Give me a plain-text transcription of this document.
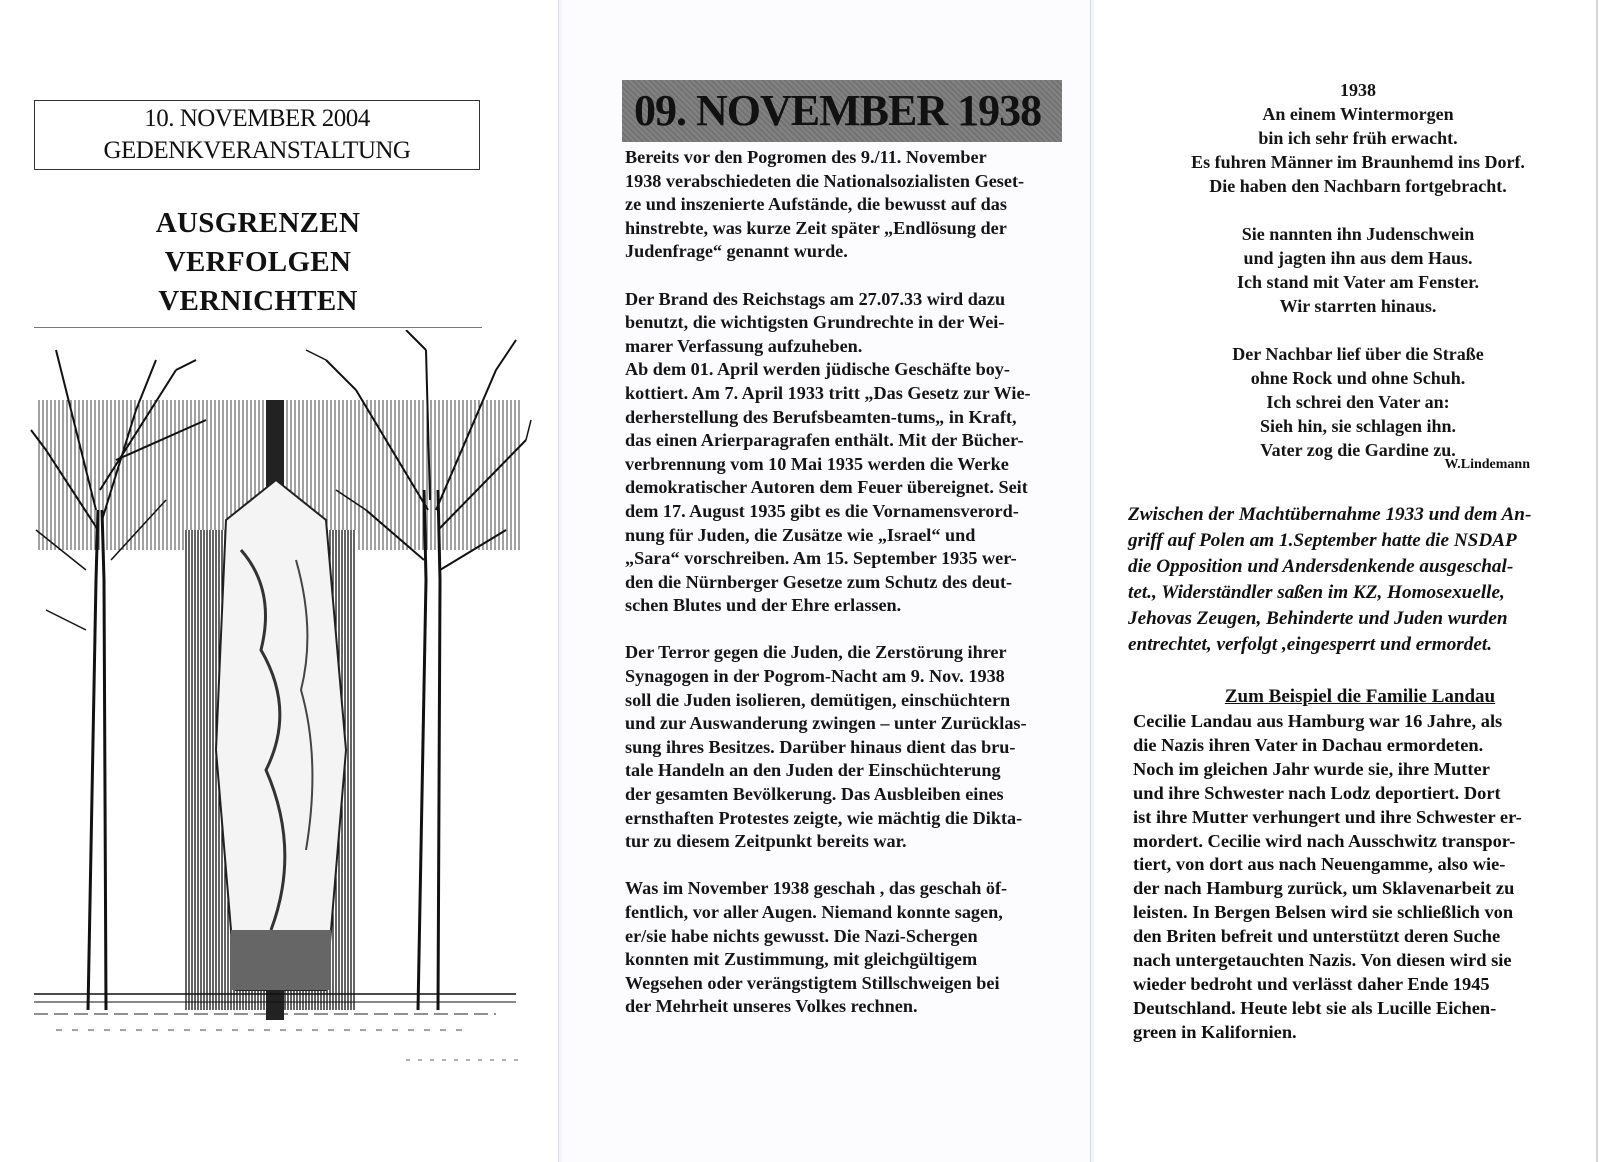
10. NOVEMBER 2004
GEDENKVERANSTALTUNG
AUSGRENZEN
VERFOLGEN
VERNICHTEN
09. NOVEMBER 1938

Bereits vor den Pogromen des 9./11. November
1938 verabschiedeten die Nationalsozialisten Geset-
ze und inszenierte Aufstände, die bewusst auf das
hinstrebte, was kurze Zeit später „Endlösung der
Judenfrage“ genannt wurde.

Der Brand des Reichstags am 27.07.33 wird dazu
benutzt, die wichtigsten Grundrechte in der Wei-
marer Verfassung aufzuheben.

Ab dem 01. April werden jüdische Geschäfte boy-
kottiert. Am 7. April 1933 tritt „Das Gesetz zur Wie-
derherstellung des Berufsbeamten-tums„ in Kraft,
das einen Arierparagrafen enthält. Mit der Bücher-
verbrennung vom 10 Mai 1935 werden die Werke
demokratischer Autoren dem Feuer übereignet. Seit
dem 17. August 1935 gibt es die Vornamensverord-
nung für Juden, die Zusätze wie „Israel“ und
„Sara“ vorschreiben. Am 15. September 1935 wer-
den die Nürnberger Gesetze zum Schutz des deut-
schen Blutes und der Ehre erlassen.

Der Terror gegen die Juden, die Zerstörung ihrer
Synagogen in der Pogrom-Nacht am 9. Nov. 1938
soll die Juden isolieren, demütigen, einschüchtern
und zur Auswanderung zwingen – unter Zurücklas-
sung ihres Besitzes. Darüber hinaus dient das bru-
tale Handeln an den Juden der Einschüchterung
der gesamten Bevölkerung. Das Ausbleiben eines
ernsthaften Protestes zeigte, wie mächtig die Dikta-
tur zu diesem Zeitpunkt bereits war.

Was im November 1938 geschah , das geschah öf-
fentlich, vor aller Augen. Niemand konnte sagen,
er/sie habe nichts gewusst. Die Nazi-Schergen
konnten mit Zustimmung, mit gleichgültigem
Wegsehen oder verängstigtem Stillschweigen bei
der Mehrheit unseres Volkes rechnen.

1938
An einem Wintermorgen
bin ich sehr früh erwacht.
Es fuhren Männer im Braunhemd ins Dorf.
Die haben den Nachbarn fortgebracht.
Sie nannten ihn Judenschwein
und jagten ihn aus dem Haus.
Ich stand mit Vater am Fenster.
Wir starrten hinaus.
Der Nachbar lief über die Straße
ohne Rock und ohne Schuh.
Ich schrei den Vater an:
Sieh hin, sie schlagen ihn.
Vater zog die Gardine zu.
W.Lindemann
Zwischen der Machtübernahme 1933 und dem An-
griff auf Polen am 1.September hatte die NSDAP
die Opposition und Andersdenkende ausgeschal-
tet., Widerständler saßen im KZ, Homosexuelle,
Jehovas Zeugen, Behinderte und Juden wurden
entrechtet, verfolgt ,eingesperrt und ermordet.
Zum Beispiel die Familie Landau
Cecilie Landau aus Hamburg war 16 Jahre, als
die Nazis ihren Vater in Dachau ermordeten.
Noch im gleichen Jahr wurde sie, ihre Mutter
und ihre Schwester nach Lodz deportiert. Dort
ist ihre Mutter verhungert und ihre Schwester er-
mordert. Cecilie wird nach Ausschwitz transpor-
tiert, von dort aus nach Neuengamme, also wie-
der nach Hamburg zurück, um Sklavenarbeit zu
leisten. In Bergen Belsen wird sie schließlich von
den Briten befreit und unterstützt deren Suche
nach untergetauchten Nazis. Von diesen wird sie
wieder bedroht und verlässt daher Ende 1945
Deutschland. Heute lebt sie als Lucille Eichen-
green in Kalifornien.
